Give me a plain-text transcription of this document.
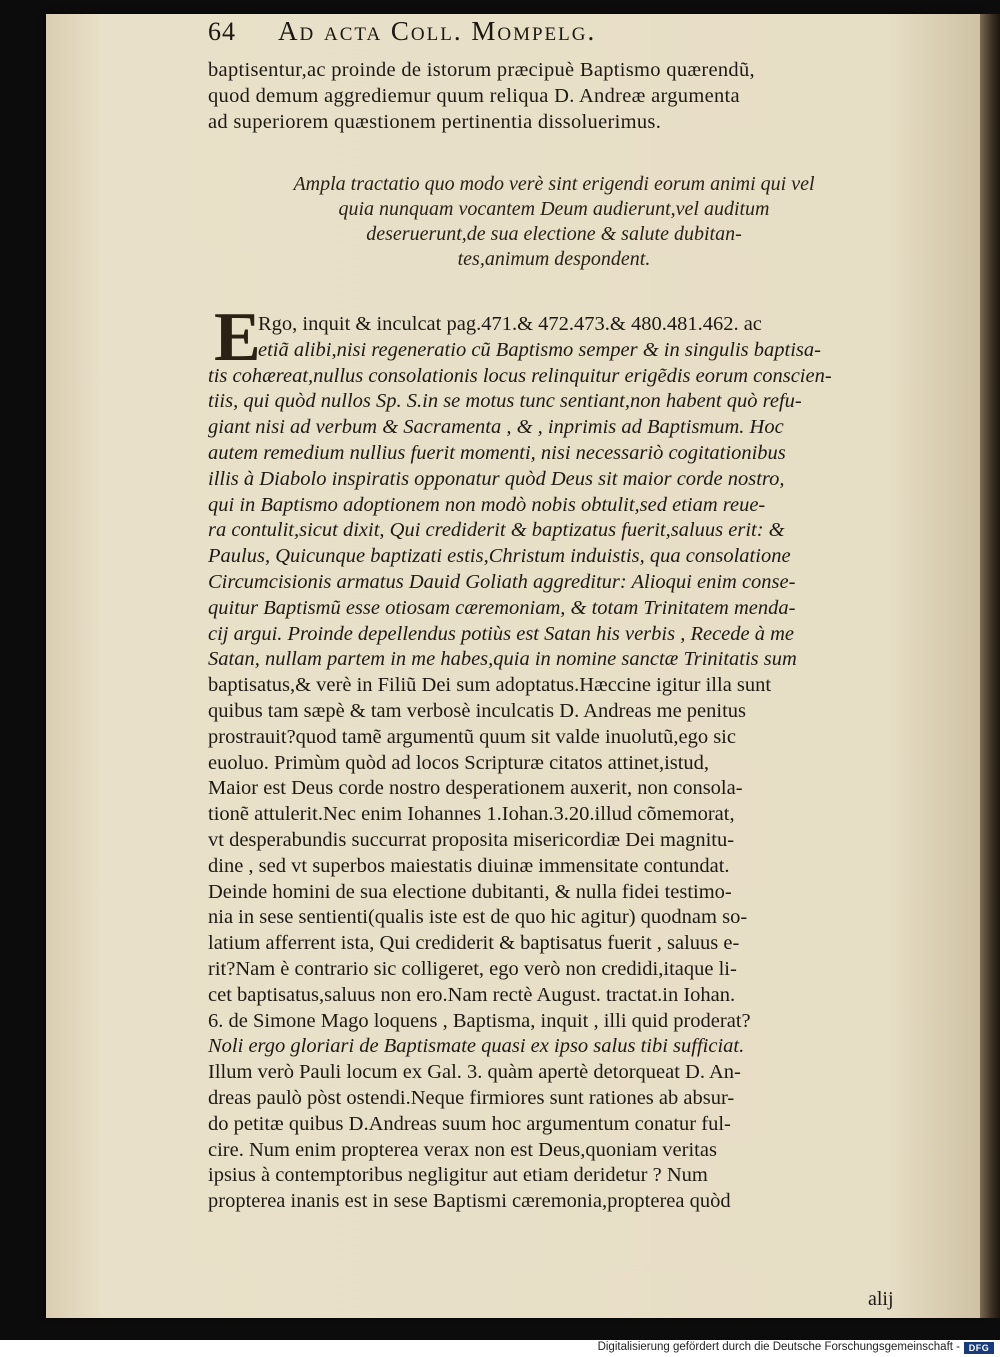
64	Ad acta Coll. Mompelg.
baptisentur,ac proinde de istorum præcipuè Baptismo quærendũ,
quod demum aggrediemur quum reliqua D. Andreæ argumenta
ad superiorem quæstionem pertinentia dissoluerimus.
Ampla tractatio quo modo verè sint erigendi eorum animi qui vel
quia nunquam vocantem Deum audierunt,vel auditum
deseruerunt,de sua electione & salute dubitan-
tes,animum despondent.
E
Rgo, inquit & inculcat pag.471.& 472.473.& 480.481.462. ac
etiã alibi,nisi regeneratio cũ Baptismo semper & in singulis baptisa-
tis cohæreat,nullus consolationis locus relinquitur erigẽdis eorum conscien-
tiis, qui quòd nullos Sp. S.in se motus tunc sentiant,non habent quò refu-
giant nisi ad verbum & Sacramenta , & , inprimis ad Baptismum. Hoc
autem remedium nullius fuerit momenti, nisi necessariò cogitationibus
illis à Diabolo inspiratis opponatur quòd Deus sit maior corde nostro,
qui in Baptismo adoptionem non modò nobis obtulit,sed etiam reue-
ra contulit,sicut dixit, Qui crediderit & baptizatus fuerit,saluus erit: &
Paulus, Quicunque baptizati estis,Christum induistis, qua consolatione
Circumcisionis armatus Dauid Goliath aggreditur: Alioqui enim conse-
quitur Baptismũ esse otiosam cæremoniam, & totam Trinitatem menda-
cij argui. Proinde depellendus potiùs est Satan his verbis , Recede à me
Satan, nullam partem in me habes,quia in nomine sanctæ Trinitatis sum
baptisatus,& verè in Filiũ Dei sum adoptatus.Hæccine igitur illa sunt
quibus tam sæpè & tam verbosè inculcatis D. Andreas me penitus
prostrauit?quod tamẽ argumentũ quum sit valde inuolutũ,ego sic
euoluo. Primùm quòd ad locos Scripturæ citatos attinet,istud,
Maior est Deus corde nostro desperationem auxerit, non consola-
tionẽ attulerit.Nec enim Iohannes 1.Iohan.3.20.illud cõmemorat,
vt desperabundis succurrat proposita misericordiæ Dei magnitu-
dine , sed vt superbos maiestatis diuinæ immensitate contundat.
Deinde homini de sua electione dubitanti, & nulla fidei testimo-
nia in sese sentienti(qualis iste est de quo hic agitur) quodnam so-
latium afferrent ista, Qui crediderit & baptisatus fuerit , saluus e-
rit?Nam è contrario sic colligeret, ego verò non credidi,itaque li-
cet baptisatus,saluus non ero.Nam rectè August. tractat.in Iohan.
6. de Simone Mago loquens , Baptisma, inquit , illi quid proderat?
Noli ergo gloriari de Baptismate quasi ex ipso salus tibi sufficiat.
Illum verò Pauli locum ex Gal. 3. quàm apertè detorqueat D. An-
dreas paulò pòst ostendi.Neque firmiores sunt rationes ab absur-
do petitæ quibus D.Andreas suum hoc argumentum conatur ful-
cire. Num enim propterea verax non est Deus,quoniam veritas
ipsius à contemptoribus negligitur aut etiam deridetur ? Num
propterea inanis est in sese Baptismi cæremonia,propterea quòd
alij
Digitalisierung gefördert durch die Deutsche Forschungsgemeinschaft - DFG
